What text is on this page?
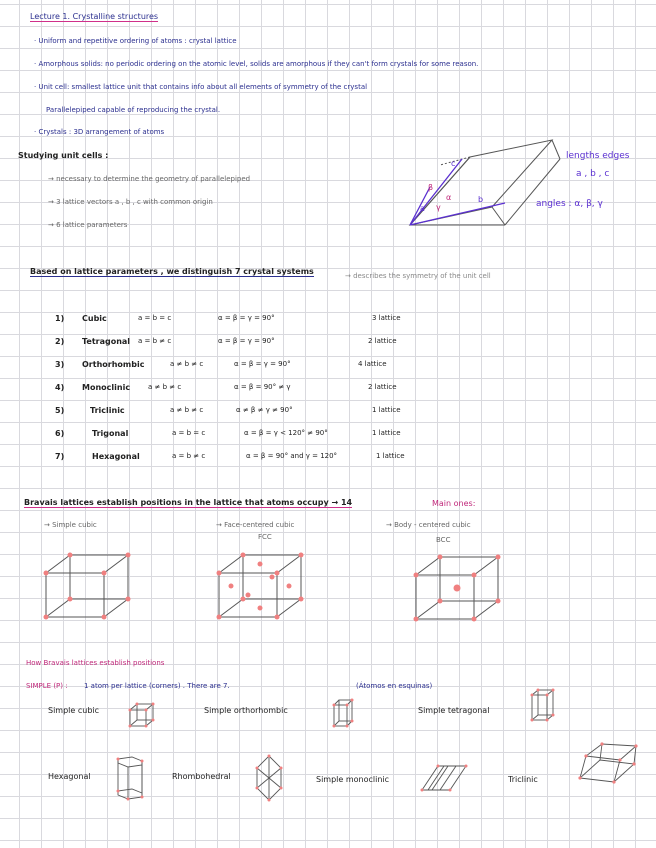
Lecture 1. Crystalline structures
· Uniform and repetitive ordering of atoms : crystal lattice
· Amorphous solids: no periodic ordering on the atomic level, solids are amorphous if they can't form crystals for some reason.
· Unit cell: smallest lattice unit that contains info about all elements of symmetry of the crystal
Parallelepiped capable of reproducing the crystal.
· Crystals : 3D arrangement of atoms
Studying unit cells :
→ necessary to determine the geometry of parallelepiped
→ 3 lattice vectors a , b , c with common origin
→ 6 lattice parameters
c
a
b
β
α
γ
lengths edges
a , b , c
angles : α, β, γ
Based on lattice parameters , we distinguish 7 crystal systems	→ describes the symmetry of the unit cell
1) Cubic	a = b = c	α = β = γ = 90°	3 lattice
2) Tetragonal a = b ≠ c	α = β = γ = 90°	2 lattice
3) Orthorhombic	a ≠ b ≠ c	α = β = γ = 90°	4 lattice
4) Monoclinic	a ≠ b ≠ c	α = β = 90° ≠ γ	2 lattice
5)	Triclinic	a ≠ b ≠ c	α ≠ β ≠ γ ≠ 90°	1 lattice
6)	Trigonal	a = b = c	α = β = γ < 120° ≠ 90°	1 lattice
7)	Hexagonal	a = b ≠ c	α = β = 90° and γ = 120°	1 lattice
Bravais lattices establish positions in the lattice that atoms occupy → 14	Main ones:
→ Simple cubic	→ Face-centered cubic
FCC
→ Body - centered cubic
BCC
How Bravais lattices establish positions
SIMPLE (P) : 1 atom per lattice (corners) . There are 7.	(Átomos en esquinas)
Simple cubic	Simple orthorhombic	Simple tetragonal
Hexagonal	Rhombohedral	Simple monoclinic	Triclinic
